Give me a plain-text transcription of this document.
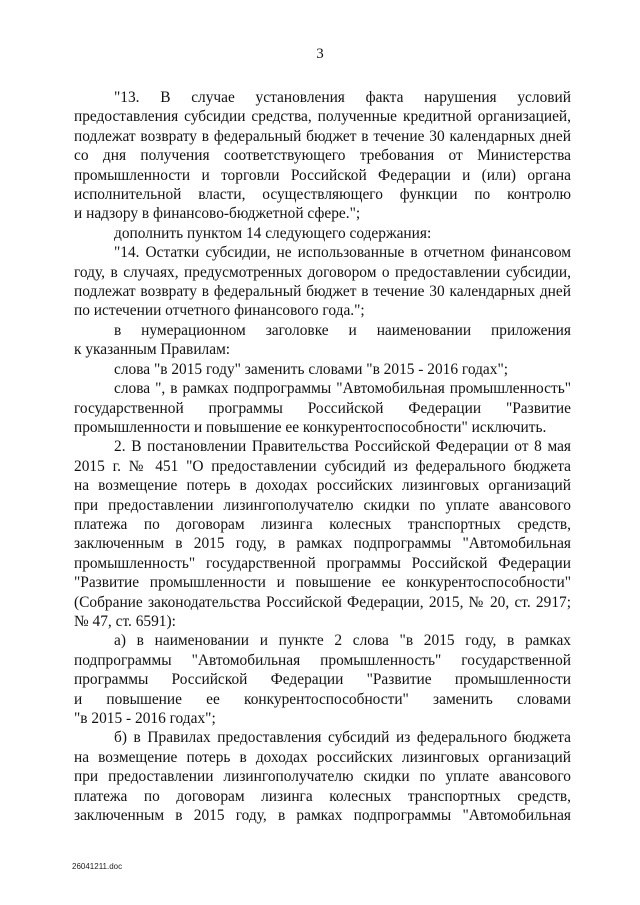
3
"13. В случае установления факта нарушения условий
предоставления субсидии средства, полученные кредитной организацией,
подлежат возврату в федеральный бюджет в течение 30 календарных дней
со дня получения соответствующего требования от Министерства
промышленности и торговли Российской Федерации и (или) органа
исполнительной власти, осуществляющего функции по контролю
и надзору в финансово-бюджетной сфере.";
дополнить пунктом 14 следующего содержания:
"14. Остатки субсидии, не использованные в отчетном финансовом
году, в случаях, предусмотренных договором о предоставлении субсидии,
подлежат возврату в федеральный бюджет в течение 30 календарных дней
по истечении отчетного финансового года.";
в нумерационном заголовке и наименовании приложения
к указанным Правилам:
слова "в 2015 году" заменить словами "в 2015 - 2016 годах";
слова ", в рамках подпрограммы "Автомобильная промышленность"
государственной программы Российской Федерации "Развитие
промышленности и повышение ее конкурентоспособности" исключить.
2. В постановлении Правительства Российской Федерации от 8 мая
2015 г. № 451 "О предоставлении субсидий из федерального бюджета
на возмещение потерь в доходах российских лизинговых организаций
при предоставлении лизингополучателю скидки по уплате авансового
платежа по договорам лизинга колесных транспортных средств,
заключенным в 2015 году, в рамках подпрограммы "Автомобильная
промышленность" государственной программы Российской Федерации
"Развитие промышленности и повышение ее конкурентоспособности"
(Собрание законодательства Российской Федерации, 2015, № 20, ст. 2917;
№ 47, ст. 6591):
а) в наименовании и пункте 2 слова "в 2015 году, в рамках
подпрограммы "Автомобильная промышленность" государственной
программы Российской Федерации "Развитие промышленности
и повышение ее конкурентоспособности" заменить словами
"в 2015 - 2016 годах";
б) в Правилах предоставления субсидий из федерального бюджета
на возмещение потерь в доходах российских лизинговых организаций
при предоставлении лизингополучателю скидки по уплате авансового
платежа по договорам лизинга колесных транспортных средств,
заключенным в 2015 году, в рамках подпрограммы "Автомобильная
26041211.doc
